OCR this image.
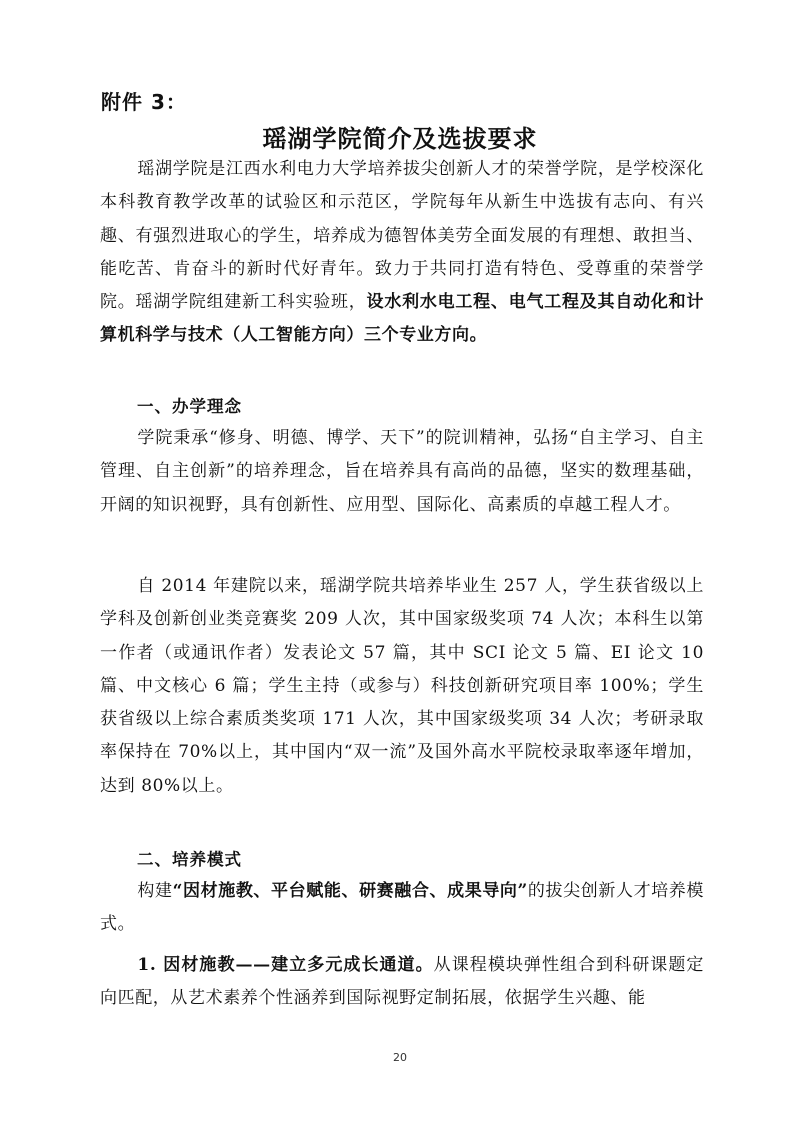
附件 3：
瑶湖学院简介及选拔要求

瑶湖学院是江西水利电力大学培养拔尖创新人才的荣誉学院，是学校深化本科教育教学改革的试验区和示范区，学院每年从新生中选拔有志向、有兴趣、有强烈进取心的学生，培养成为德智体美劳全面发展的有理想、敢担当、能吃苦、肯奋斗的新时代好青年。致力于共同打造有特色、受尊重的荣誉学院。瑶湖学院组建新工科实验班，设水利水电工程、电气工程及其自动化和计算机科学与技术（人工智能方向）三个专业方向。

一、办学理念

学院秉承“修身、明德、博学、天下”的院训精神，弘扬“自主学习、自主管理、自主创新”的培养理念，旨在培养具有高尚的品德，坚实的数理基础，开阔的知识视野，具有创新性、应用型、国际化、高素质的卓越工程人才。

自 2014 年建院以来，瑶湖学院共培养毕业生 257 人，学生获省级以上学科及创新创业类竞赛奖 209 人次，其中国家级奖项 74 人次；本科生以第一作者（或通讯作者）发表论文 57 篇，其中 SCI 论文 5 篇、EI 论文 10 篇、中文核心 6 篇；学生主持（或参与）科技创新研究项目率 100%；学生获省级以上综合素质类奖项 171 人次，其中国家级奖项 34 人次；考研录取率保持在 70%以上，其中国内“双一流”及国外高水平院校录取率逐年增加，达到 80%以上。

二、培养模式

构建“因材施教、平台赋能、研赛融合、成果导向”的拔尖创新人才培养模式。

1. 因材施教——建立多元成长通道。从课程模块弹性组合到科研课题定向匹配，从艺术素养个性涵养到国际视野定制拓展，依据学生兴趣、能

20
